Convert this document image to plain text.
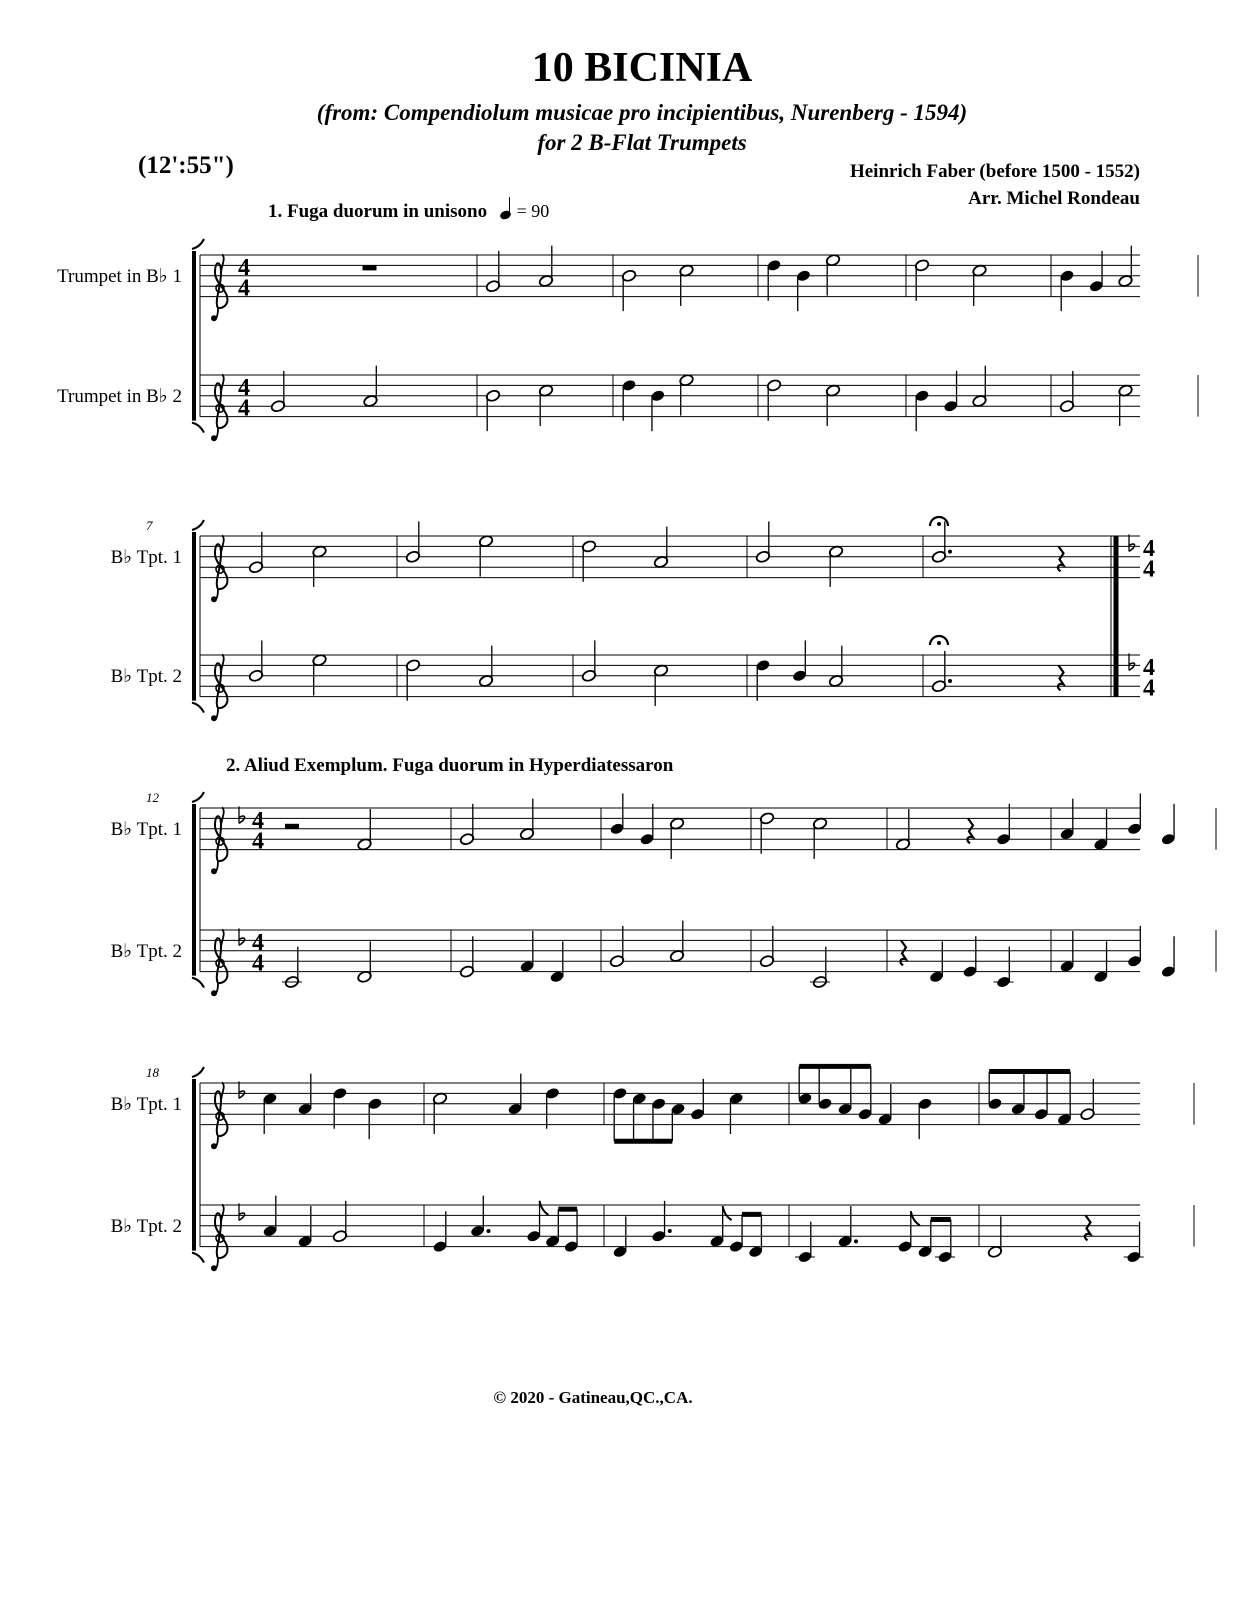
10 BICINIA
(from: Compendiolum musicae pro incipientibus, Nurenberg - 1594)
for 2 B-Flat Trumpets
(12':55")	Heinrich Faber (before 1500 - 1552)
Arr. Michel Rondeau
1. Fuga duorum in unisono = 90
2. Aliud Exemplum. Fuga duorum in Hyperdiatessaron
© 2020 - Gatineau,QC.,CA.
Trumpet in B♭ 1
Trumpet in B♭ 2
4
4
4
4
B♭ Tpt. 1
B♭ Tpt. 2
7
4
4
4
4
B♭ Tpt. 1
B♭ Tpt. 2
12
4
4
4
4
B♭ Tpt. 1
B♭ Tpt. 2
18
